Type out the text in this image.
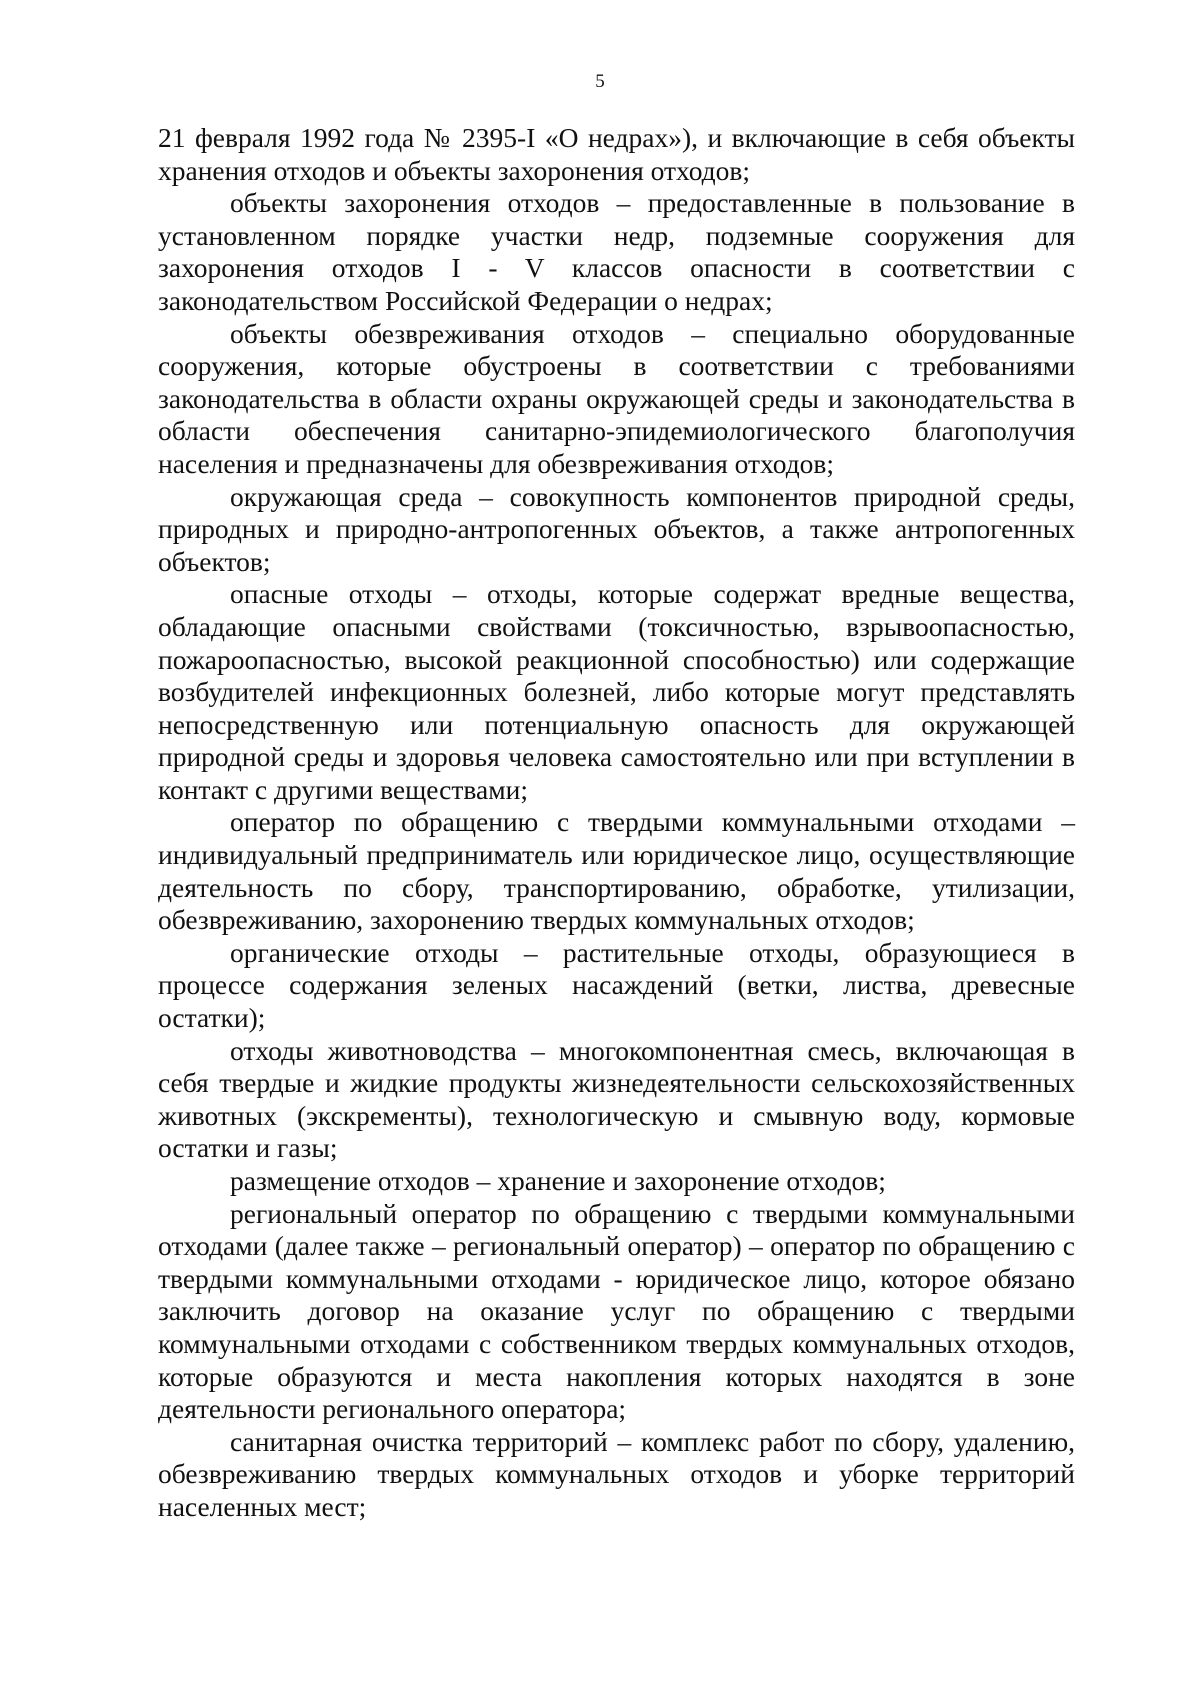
5

21 февраля 1992 года № 2395-I «О недрах»), и включающие в себя объекты хранения отходов и объекты захоронения отходов;

объекты захоронения отходов – предоставленные в пользование в установленном порядке участки недр, подземные сооружения для захоронения отходов I - V классов опасности в соответствии с законодательством Российской Федерации о недрах;

объекты обезвреживания отходов – специально оборудованные сооружения, которые обустроены в соответствии с требованиями законодательства в области охраны окружающей среды и законодательства в области обеспечения санитарно-эпидемиологического благополучия населения и предназначены для обезвреживания отходов;

окружающая среда – совокупность компонентов природной среды, природных и природно-антропогенных объектов, а также антропогенных объектов;

опасные отходы – отходы, которые содержат вредные вещества, обладающие опасными свойствами (токсичностью, взрывоопасностью, пожароопасностью, высокой реакционной способностью) или содержащие возбудителей инфекционных болезней, либо которые могут представлять непосредственную или потенциальную опасность для окружающей природной среды и здоровья человека самостоятельно или при вступлении в контакт с другими веществами;

оператор по обращению с твердыми коммунальными отходами – индивидуальный предприниматель или юридическое лицо, осуществляющие деятельность по сбору, транспортированию, обработке, утилизации, обезвреживанию, захоронению твердых коммунальных отходов;

органические отходы – растительные отходы, образующиеся в процессе содержания зеленых насаждений (ветки, листва, древесные остатки);

отходы животноводства – многокомпонентная смесь, включающая в себя твердые и жидкие продукты жизнедеятельности сельскохозяйственных животных (экскременты), технологическую и смывную воду, кормовые остатки и газы;

размещение отходов – хранение и захоронение отходов;

региональный оператор по обращению с твердыми коммунальными отходами (далее также – региональный оператор) – оператор по обращению с твердыми коммунальными отходами - юридическое лицо, которое обязано заключить договор на оказание услуг по обращению с твердыми коммунальными отходами с собственником твердых коммунальных отходов, которые образуются и места накопления которых находятся в зоне деятельности регионального оператора;

санитарная очистка территорий – комплекс работ по сбору, удалению, обезвреживанию твердых коммунальных отходов и уборке территорий населенных мест;
